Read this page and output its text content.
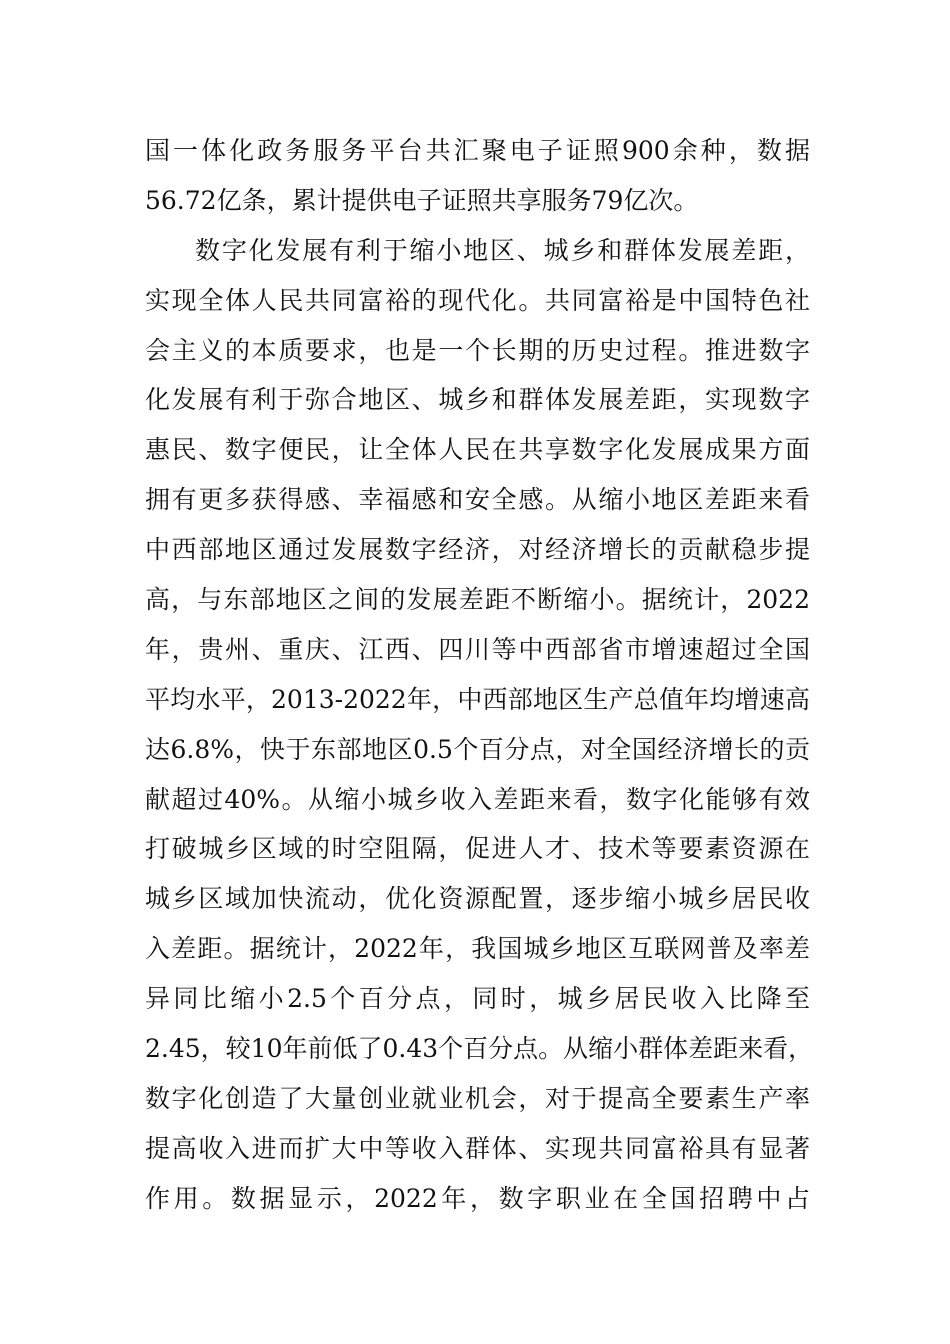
国一体化政务服务平台共汇聚电子证照900余种，数据
56.72亿条，累计提供电子证照共享服务79亿次。
数字化发展有利于缩小地区、城乡和群体发展差距，
实现全体人民共同富裕的现代化。共同富裕是中国特色社
会主义的本质要求，也是一个长期的历史过程。推进数字
化发展有利于弥合地区、城乡和群体发展差距，实现数字
惠民、数字便民，让全体人民在共享数字化发展成果方面
拥有更多获得感、幸福感和安全感。从缩小地区差距来看
中西部地区通过发展数字经济，对经济增长的贡献稳步提
高，与东部地区之间的发展差距不断缩小。据统计，2022
年，贵州、重庆、江西、四川等中西部省市增速超过全国
平均水平，2013-2022年，中西部地区生产总值年均增速高
达6.8%，快于东部地区0.5个百分点，对全国经济增长的贡
献超过40%。从缩小城乡收入差距来看，数字化能够有效
打破城乡区域的时空阻隔，促进人才、技术等要素资源在
城乡区域加快流动，优化资源配置，逐步缩小城乡居民收
入差距。据统计，2022年，我国城乡地区互联网普及率差
异同比缩小2.5个百分点，同时，城乡居民收入比降至
2.45，较10年前低了0.43个百分点。从缩小群体差距来看，
数字化创造了大量创业就业机会，对于提高全要素生产率
提高收入进而扩大中等收入群体、实现共同富裕具有显著
作用。数据显示，2022年，数字职业在全国招聘中占
